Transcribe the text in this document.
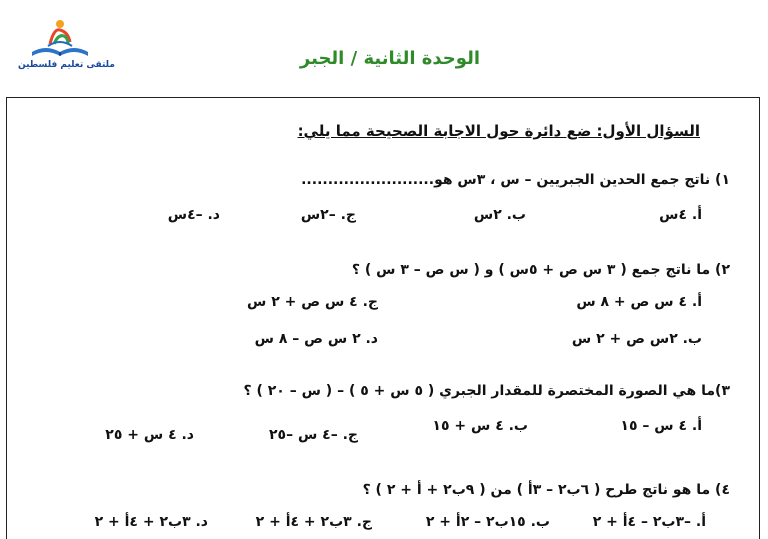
ملتقى تعليم فلسطين	الوحدة الثانية / الجبر
السؤال الأول: ضع دائرة حول الاجابة الصحيحة مما يلي:
١) ناتج جمع الحدين الجبريين – س ، ٣س هو.........................
أ. ٤س
ب. ٢س
ج. –٢س
د. –٤س
٢) ما ناتج جمع ( ٣ س ص + ٥س ) و ( س ص – ٣ س ) ؟
أ. ٤ س ص + ٨ س
ب. ٢س ص + ٢ س
ج. ٤ س ص + ٢ س
د. ٢ س ص – ٨ س
٣)ما هي الصورة المختصرة للمقدار الجبري ( ٥ س + ٥ ) – ( س – ٢٠ ) ؟
أ. ٤ س – ١٥
ب. ٤ س + ١٥
ج. –٤ س –٢٥
د. ٤ س + ٢٥
٤) ما هو ناتج طرح ( ٦ب٢ – ٣أ ) من ( ٩ب٢ + أ + ٢ ) ؟
أ. –٣ب٢ – ٤أ + ٢
ب. ١٥ب٢ – ٢أ + ٢
ج. ٣ب٢ + ٤أ + ٢
د. ٣ب٢ + ٤أ + ٢
